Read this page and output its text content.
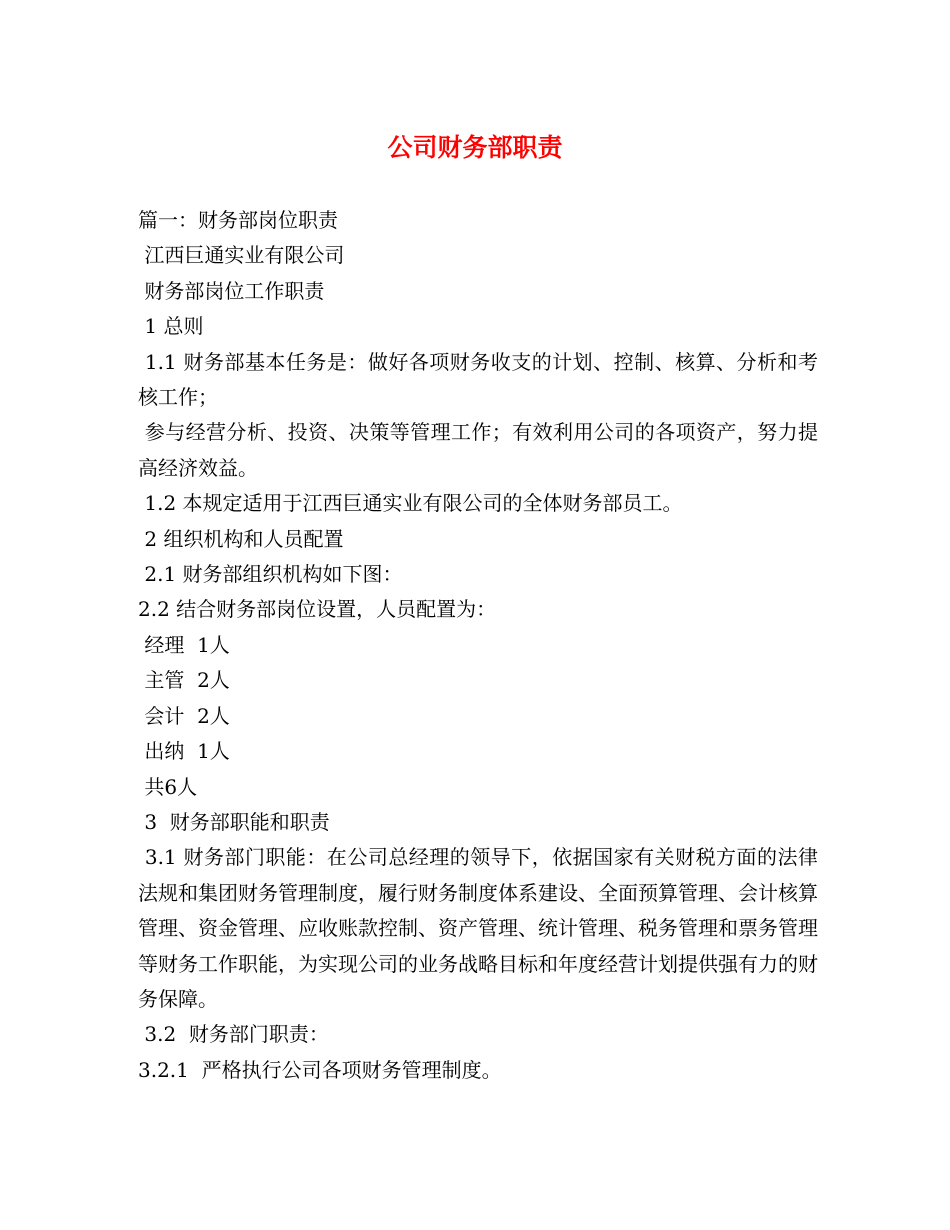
公司财务部职责

篇一：财务部岗位职责

江西巨通实业有限公司

财务部岗位工作职责

1 总则

1.1 财务部基本任务是：做好各项财务收支的计划、控制、核算、分析和考核工作；

参与经营分析、投资、决策等管理工作；有效利用公司的各项资产，努力提高经济效益。

1.2 本规定适用于江西巨通实业有限公司的全体财务部员工。

2 组织机构和人员配置

2.1 财务部组织机构如下图：

2.2 结合财务部岗位设置，人员配置为：

经理  1人

主管  2人

会计  2人

出纳  1人

共6人

3  财务部职能和职责

3.1 财务部门职能：在公司总经理的领导下，依据国家有关财税方面的法律法规和集团财务管理制度，履行财务制度体系建设、全面预算管理、会计核算管理、资金管理、应收账款控制、资产管理、统计管理、税务管理和票务管理等财务工作职能，为实现公司的业务战略目标和年度经营计划提供强有力的财务保障。

3.2  财务部门职责：

3.2.1  严格执行公司各项财务管理制度。
